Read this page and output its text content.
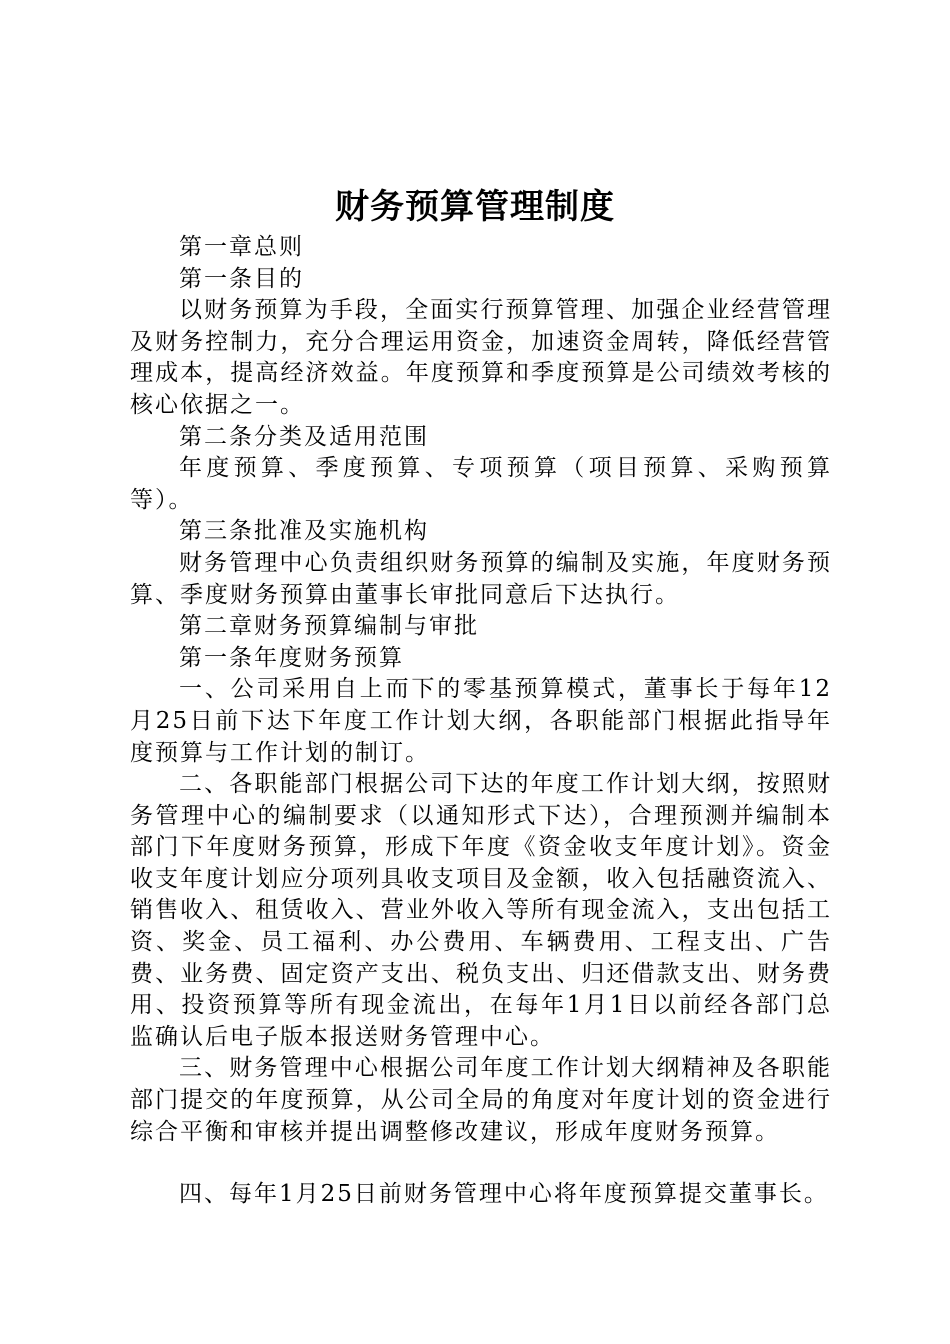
财务预算管理制度

第一章总则

第一条目的

以财务预算为手段，全面实行预算管理、加强企业经营管理及财务控制力，充分合理运用资金，加速资金周转，降低经营管理成本，提高经济效益。年度预算和季度预算是公司绩效考核的核心依据之一。

第二条分类及适用范围

年度预算、季度预算、专项预算（项目预算、采购预算等）。

第三条批准及实施机构

财务管理中心负责组织财务预算的编制及实施，年度财务预算、季度财务预算由董事长审批同意后下达执行。

第二章财务预算编制与审批

第一条年度财务预算

一、公司采用自上而下的零基预算模式，董事长于每年12月25日前下达下年度工作计划大纲，各职能部门根据此指导年度预算与工作计划的制订。

二、各职能部门根据公司下达的年度工作计划大纲，按照财务管理中心的编制要求（以通知形式下达），合理预测并编制本部门下年度财务预算，形成下年度《资金收支年度计划》。资金收支年度计划应分项列具收支项目及金额，收入包括融资流入、销售收入、租赁收入、营业外收入等所有现金流入，支出包括工资、奖金、员工福利、办公费用、车辆费用、工程支出、广告费、业务费、固定资产支出、税负支出、归还借款支出、财务费用、投资预算等所有现金流出，在每年1月1日以前经各部门总监确认后电子版本报送财务管理中心。

三、财务管理中心根据公司年度工作计划大纲精神及各职能部门提交的年度预算，从公司全局的角度对年度计划的资金进行综合平衡和审核并提出调整修改建议，形成年度财务预算。

四、每年1月25日前财务管理中心将年度预算提交董事长。
